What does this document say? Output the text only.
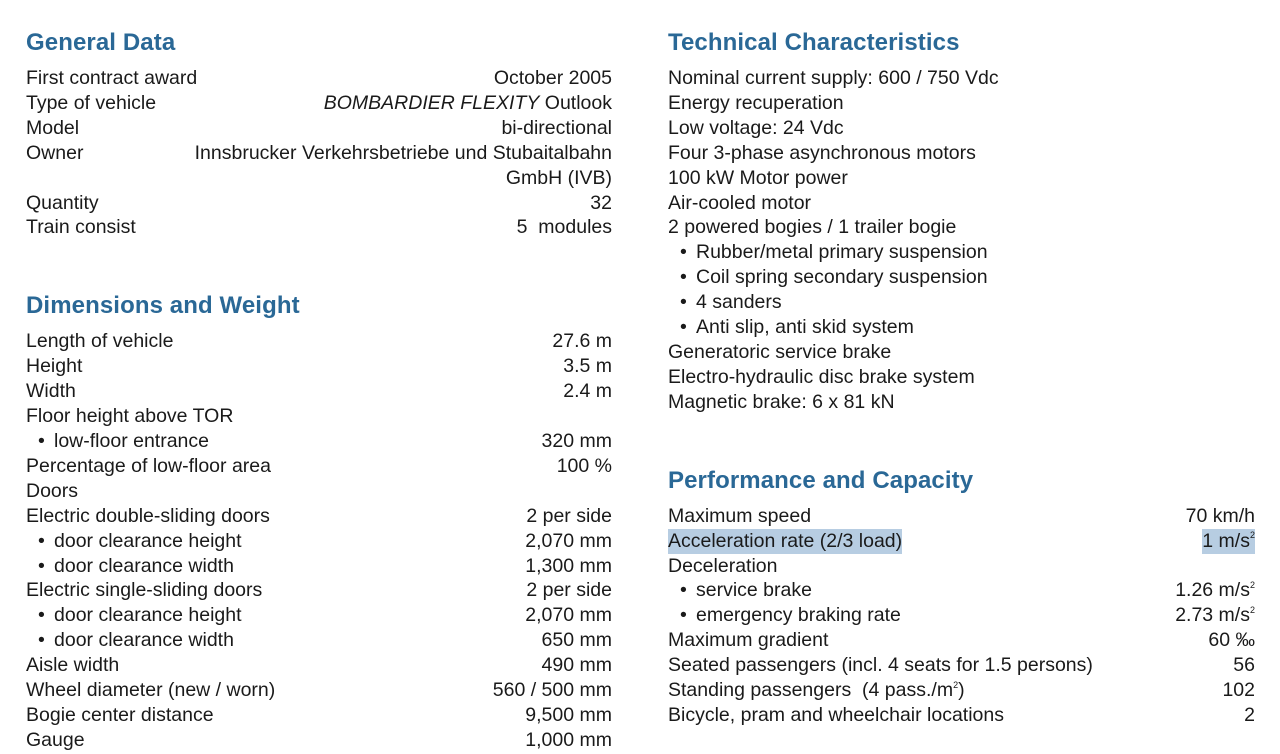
General Data
First contract award	October 2005
Type of vehicle	BOMBARDIER FLEXITY Outlook
Model	bi-directional
Owner	Innsbrucker Verkehrsbetriebe und Stubaitalbahn GmbH (IVB)
Quantity	32
Train consist	5  modules
Dimensions and Weight
Length of vehicle	27.6 m
Height	3.5 m
Width	2.4 m
Floor height above TOR
• low-floor entrance	320 mm
Percentage of low-floor area	100 %
Doors
Electric double-sliding doors	2 per side
• door clearance height	2,070 mm
• door clearance width	1,300 mm
Electric single-sliding doors	2 per side
• door clearance height	2,070 mm
• door clearance width	650 mm
Aisle width	490 mm
Wheel diameter (new / worn)	560 / 500 mm
Bogie center distance	9,500 mm
Gauge	1,000 mm
Technical Characteristics
Nominal current supply: 600 / 750 Vdc
Energy recuperation
Low voltage: 24 Vdc
Four 3-phase asynchronous motors
100 kW Motor power
Air-cooled motor
2 powered bogies / 1 trailer bogie
• Rubber/metal primary suspension
• Coil spring secondary suspension
• 4 sanders
• Anti slip, anti skid system
Generatoric service brake
Electro-hydraulic disc brake system
Magnetic brake: 6 x 81 kN
Performance and Capacity
Maximum speed	70 km/h
Acceleration rate (2/3 load)	1 $m/s^2$
Deceleration
• service brake	1.26 $m/s^2$
• emergency braking rate	2.73 $m/s^2$
Maximum gradient	60 ‰
Seated passengers (incl. 4 seats for 1.5 persons)	56
Standing passengers  (4 $pass./m^2$)	102
Bicycle, pram and wheelchair locations	2
